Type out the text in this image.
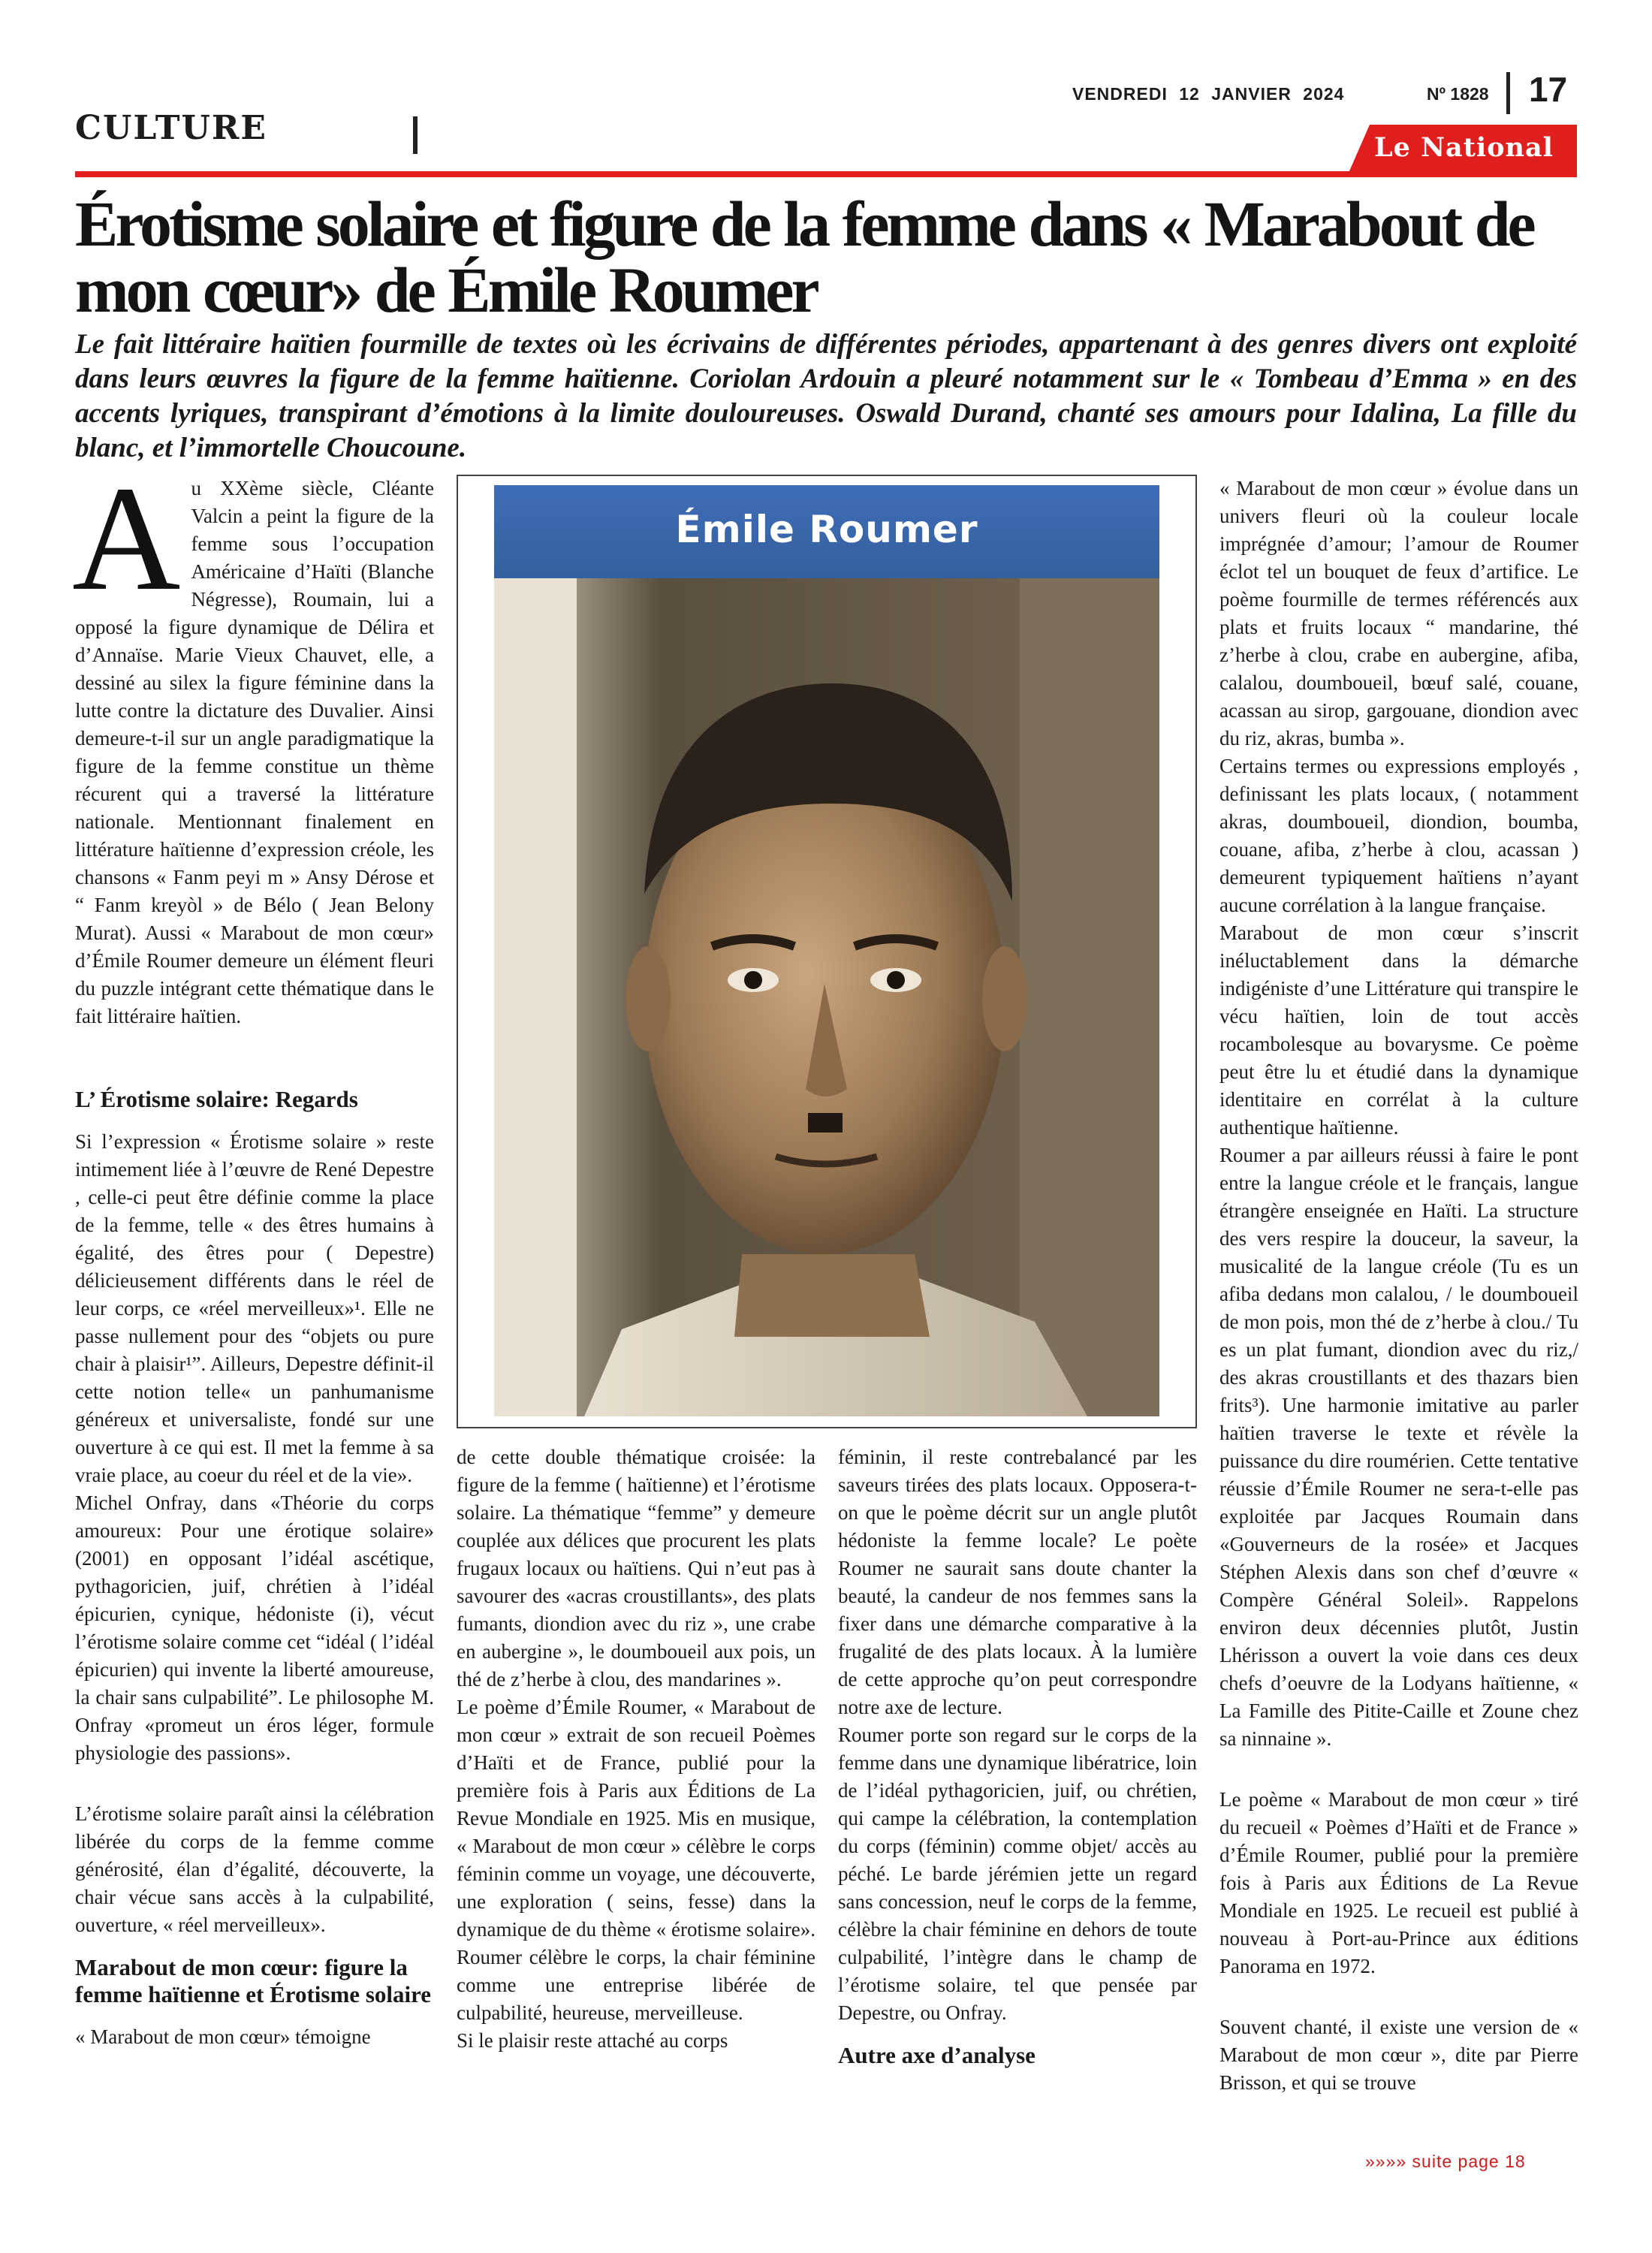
VENDREDI 12 JANVIER 2024	Nº 1828 17
CULTURE
Le National
Érotisme solaire et figure de la femme dans « Marabout de mon cœur» de Émile Roumer

Le fait littéraire haïtien fourmille de textes où les écrivains de différentes périodes, appartenant à des genres divers ont exploité dans leurs œuvres la figure de la femme haïtienne. Coriolan Ardouin a pleuré notamment sur le « Tombeau d’Emma » en des accents lyriques, transpirant d’émotions à la limite douloureuses. Oswald Durand, chanté ses amours pour Idalina, La fille du blanc, et l’immortelle Choucoune.

Au XXème siècle, Cléante Valcin a peint la figure de la femme sous l’occupation Américaine d’Haïti (Blanche Négresse), Roumain, lui a opposé la figure dynamique de Délira et d’Annaïse. Marie Vieux Chauvet, elle, a dessiné au silex la figure féminine dans la lutte contre la dictature des Duvalier. Ainsi demeure-t-il sur un angle paradigmatique la figure de la femme constitue un thème récurent qui a traversé la littérature nationale. Mentionnant finalement en littérature haïtienne d’expression créole, les chansons « Fanm peyi m » Ansy Dérose et “ Fanm kreyòl » de Bélo ( Jean Belony Murat). Aussi « Marabout de mon cœur» d’Émile Roumer demeure un élément fleuri du puzzle intégrant cette thématique dans le fait littéraire haïtien.

L’ Érotisme solaire: Regards

Si l’expression « Érotisme solaire » reste intimement liée à l’œuvre de René Depestre , celle-ci peut être définie comme la place de la femme, telle « des êtres humains à égalité, des êtres pour ( Depestre) délicieusement différents dans le réel de leur corps, ce «réel merveilleux»¹. Elle ne passe nullement pour des “objets ou pure chair à plaisir¹”. Ailleurs, Depestre définit-il cette notion telle« un panhumanisme généreux et universaliste, fondé sur une ouverture à ce qui est. Il met la femme à sa vraie place, au coeur du réel et de la vie».

Michel Onfray, dans «Théorie du corps amoureux: Pour une érotique solaire» (2001) en opposant l’idéal ascétique, pythagoricien, juif, chrétien à l’idéal épicurien, cynique, hédoniste (i), vécut l’érotisme solaire comme cet “idéal ( l’idéal épicurien) qui invente la liberté amoureuse, la chair sans culpabilité”. Le philosophe M. Onfray «promeut un éros léger, formule physiologie des passions».

L’érotisme solaire paraît ainsi la célébration libérée du corps de la femme comme générosité, élan d’égalité, découverte, la chair vécue sans accès à la culpabilité, ouverture, « réel merveilleux».

Marabout de mon cœur: figure la femme haïtienne et Érotisme solaire

« Marabout de mon cœur» témoigne

Émile Roumer

de cette double thématique croisée: la figure de la femme ( haïtienne) et l’érotisme solaire. La thématique “femme” y demeure couplée aux délices que procurent les plats frugaux locaux ou haïtiens. Qui n’eut pas à savourer des «acras croustillants», des plats fumants, diondion avec du riz », une crabe en aubergine », le doumboueil aux pois, un thé de z’herbe à clou, des mandarines ».

Le poème d’Émile Roumer, « Marabout de mon cœur » extrait de son recueil Poèmes d’Haïti et de France, publié pour la première fois à Paris aux Éditions de La Revue Mondiale en 1925. Mis en musique, « Marabout de mon cœur » célèbre le corps féminin comme un voyage, une découverte, une exploration ( seins, fesse) dans la dynamique de du thème « érotisme solaire». Roumer célèbre le corps, la chair féminine comme une entreprise libérée de culpabilité, heureuse, merveilleuse.

Si le plaisir reste attaché au corps

féminin, il reste contrebalancé par les saveurs tirées des plats locaux. Opposera-t-on que le poème décrit sur un angle plutôt hédoniste la femme locale? Le poète Roumer ne saurait sans doute chanter la beauté, la candeur de nos femmes sans la fixer dans une démarche comparative à la frugalité de des plats locaux. À la lumière de cette approche qu’on peut correspondre notre axe de lecture.

Roumer porte son regard sur le corps de la femme dans une dynamique libératrice, loin de l’idéal pythagoricien, juif, ou chrétien, qui campe la célébration, la contemplation du corps (féminin) comme objet/ accès au péché. Le barde jérémien jette un regard sans concession, neuf le corps de la femme, célèbre la chair féminine en dehors de toute culpabilité, l’intègre dans le champ de l’érotisme solaire, tel que pensée par Depestre, ou Onfray.

Autre axe d’analyse

« Marabout de mon cœur » évolue dans un univers fleuri où la couleur locale imprégnée d’amour; l’amour de Roumer éclot tel un bouquet de feux d’artifice. Le poème fourmille de termes référencés aux plats et fruits locaux “ mandarine, thé z’herbe à clou, crabe en aubergine, afiba, calalou, doumboueil, bœuf salé, couane, acassan au sirop, gargouane, diondion avec du riz, akras, bumba ».

Certains termes ou expressions employés , definissant les plats locaux, ( notamment akras, doumboueil, diondion, boumba, couane, afiba, z’herbe à clou, acassan ) demeurent typiquement haïtiens n’ayant aucune corrélation à la langue française.

Marabout de mon cœur s’inscrit inéluctablement dans la démarche indigéniste d’une Littérature qui transpire le vécu haïtien, loin de tout accès rocambolesque au bovarysme. Ce poème peut être lu et étudié dans la dynamique identitaire en corrélat à la culture authentique haïtienne.

Roumer a par ailleurs réussi à faire le pont entre la langue créole et le français, langue étrangère enseignée en Haïti. La structure des vers respire la douceur, la saveur, la musicalité de la langue créole (Tu es un afiba dedans mon calalou, / le doumboueil de mon pois, mon thé de z’herbe à clou./ Tu es un plat fumant, diondion avec du riz,/ des akras croustillants et des thazars bien frits³). Une harmonie imitative au parler haïtien traverse le texte et révèle la puissance du dire roumérien. Cette tentative réussie d’Émile Roumer ne sera-t-elle pas exploitée par Jacques Roumain dans «Gouverneurs de la rosée» et Jacques Stéphen Alexis dans son chef d’œuvre « Compère Général Soleil». Rappelons environ deux décennies plutôt, Justin Lhérisson a ouvert la voie dans ces deux chefs d’oeuvre de la Lodyans haïtienne, « La Famille des Pitite-Caille et Zoune chez sa ninnaine ».

Le poème « Marabout de mon cœur » tiré du recueil « Poèmes d’Haïti et de France » d’Émile Roumer, publié pour la première fois à Paris aux Éditions de La Revue Mondiale en 1925. Le recueil est publié à nouveau à Port-au-Prince aux éditions Panorama en 1972.

Souvent chanté, il existe une version de « Marabout de mon cœur », dite par Pierre Brisson, et qui se trouve

»»»» suite page 18
